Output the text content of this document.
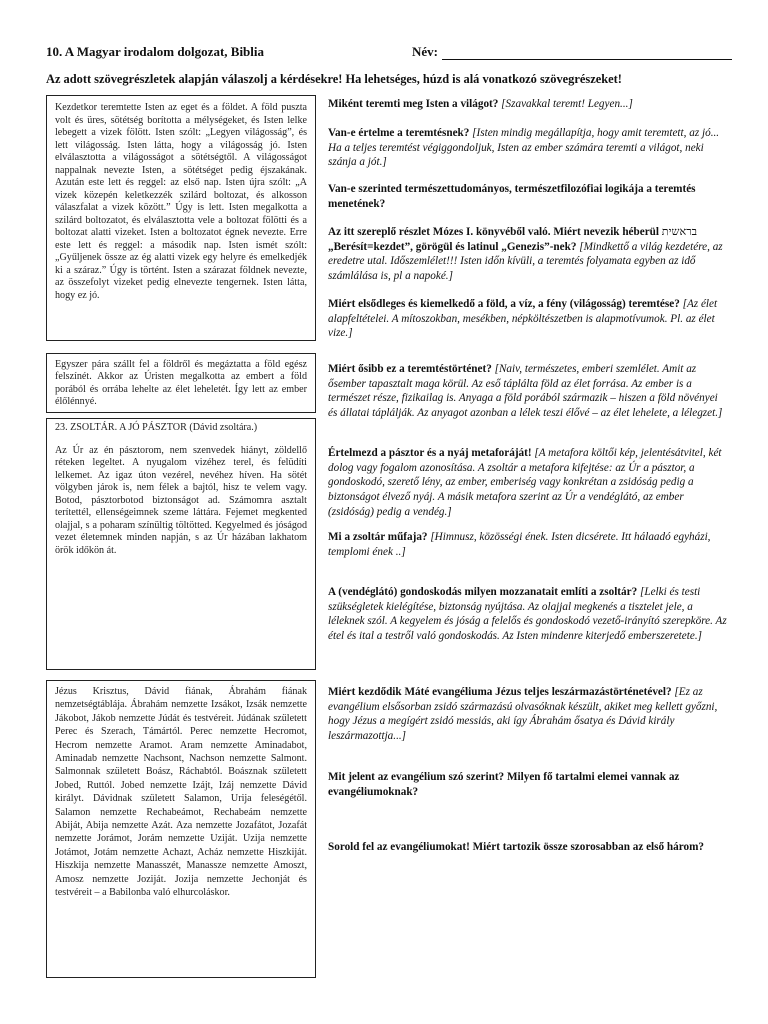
10. A Magyar irodalom dolgozat, Biblia	Név:
Az adott szövegrészletek alapján válaszolj a kérdésekre! Ha lehetséges, húzd is alá vonatkozó szövegrészeket!

Kezdetkor teremtette Isten az eget és a földet. A föld puszta volt és üres, sötétség borította a mélységeket, és Isten lelke lebegett a vizek fölött. Isten szólt: „Legyen világosság”, és lett világosság. Isten látta, hogy a világosság jó. Isten elválasztotta a világosságot a sötétségtől. A világosságot nappalnak nevezte Isten, a sötétséget pedig éjszakának. Azután este lett és reggel: az első nap. Isten újra szólt: „A vizek közepén keletkezzék szilárd boltozat, és alkosson válaszfalat a vizek között.” Úgy is lett. Isten megalkotta a szilárd boltozatot, és elválasztotta vele a boltozat fölötti és a boltozat alatti vizeket. Isten a boltozatot égnek nevezte. Erre este lett és reggel: a második nap. Isten ismét szólt: „Gyűljenek össze az ég alatti vizek egy helyre és emelkedjék ki a száraz.” Úgy is történt. Isten a szárazat földnek nevezte, az összefolyt vizeket pedig elnevezte tengernek. Isten látta, hogy ez jó.

Egyszer pára szállt fel a földről és megáztatta a föld egész felszínét. Akkor az Úristen megalkotta az embert a föld porából és orrába lehelte az élet leheletét. Így lett az ember élőlénnyé.

23. ZSOLTÁR. A JÓ PÁSZTOR (Dávid zsoltára.)

Az Úr az én pásztorom, nem szenvedek hiányt, zöldellő réteken legeltet. A nyugalom vizéhez terel, és felüdíti lelkemet. Az igaz úton vezérel, nevéhez híven. Ha sötét völgyben járok is, nem félek a bajtól, hisz te velem vagy. Botod, pásztorbotod biztonságot ad. Számomra asztalt terítettél, ellenségeimnek szeme láttára. Fejemet megkented olajjal, s a poharam színültig töltötted. Kegyelmed és jóságod vezet életemnek minden napján, s az Úr házában lakhatom örök időkön át.

Jézus Krisztus, Dávid fiának, Ábrahám fiának nemzetségtáblája. Ábrahám nemzette Izsákot, Izsák nemzette Jákobot, Jákob nemzette Júdát és testvéreit. Júdának született Perec és Szerach, Támártól. Perec nemzette Hecromot, Hecrom nemzette Aramot. Aram nemzette Aminadabot, Aminadab nemzette Nachsont, Nachson nemzette Salmont. Salmonnak született Boász, Ráchabtól. Boásznak született Jobed, Ruttól. Jobed nemzette Izájt, Izáj nemzette Dávid királyt. Dávidnak született Salamon, Urija feleségétől. Salamon nemzette Rechabeámot, Rechabeám nemzette Abiját, Abija nemzette Azát. Aza nemzette Jozafátot, Jozafát nemzette Jorámot, Jorám nemzette Uziját. Uzija nemzette Jotámot, Jotám nemzette Achazt, Acház nemzette Hiszkiját. Hiszkija nemzette Manasszét, Manassze nemzette Amoszt, Amosz nemzette Joziját. Jozija nemzette Jechonját és testvéreit – a Babilonba való elhurcoláskor.

Miként teremti meg Isten a világot? [Szavakkal teremt! Legyen...]
Van-e értelme a teremtésnek? [Isten mindig megállapítja, hogy amit teremtett, az jó... Ha a teljes teremtést végiggondoljuk, Isten az ember számára teremti a világot, neki szánja a jót.]
Van-e szerinted természettudományos, természetfilozófiai logikája a teremtés menetének?
Az itt szereplő részlet Mózes I. könyvéből való. Miért nevezik héberül בראשית „Berésít=kezdet”, görögül és latinul „Genezis”-nek? [Mindkettő a világ kezdetére, az eredetre utal. Időszemlélet!!! Isten időn kívüli, a teremtés folyamata egyben az idő számlálása is, pl a napoké.]
Miért elsődleges és kiemelkedő a föld, a víz, a fény (világosság) teremtése? [Az élet alapfeltételei. A mítoszokban, mesékben, népköltészetben is alapmotívumok. Pl. az élet vize.]
Miért ősibb ez a teremtéstörténet? [Naiv, természetes, emberi szemlélet. Amit az ősember tapasztalt maga körül. Az eső táplálta föld az élet forrása. Az ember is a természet része, fizikailag is. Anyaga a föld porából származik – hiszen a föld növényei és állatai táplálják. Az anyagot azonban a lélek teszi élővé – az élet lehelete, a lélegzet.]
Értelmezd a pásztor és a nyáj metaforáját! [A metafora költői kép, jelentésátvitel, két dolog vagy fogalom azonosítása. A zsoltár a metafora kifejtése: az Úr a pásztor, a gondoskodó, szerető lény, az ember, emberiség vagy konkrétan a zsidóság pedig a biztonságot élvező nyáj. A másik metafora szerint az Úr a vendéglátó, az ember (zsidóság) pedig a vendég.]
Mi a zsoltár műfaja? [Himnusz, közösségi ének. Isten dicsérete. Itt hálaadó egyházi, templomi ének ..]
A (vendéglátó) gondoskodás milyen mozzanatait említi a zsoltár? [Lelki és testi szükségletek kielégítése, biztonság nyújtása. Az olajjal megkenés a tisztelet jele, a léleknek szól. A kegyelem és jóság a felelős és gondoskodó vezető-irányító szerepköre. Az étel és ital a testről való gondoskodás. Az Isten mindenre kiterjedő emberszeretete.]
Miért kezdődik Máté evangéliuma Jézus teljes leszármazástörténetével? [Ez az evangélium elsősorban zsidó származású olvasóknak készült, akiket meg kellett győzni, hogy Jézus a megígért zsidó messiás, aki így Ábrahám ősatya és Dávid király leszármazottja...]
Mit jelent az evangélium szó szerint? Milyen fő tartalmi elemei vannak az evangéliumoknak?
Sorold fel az evangéliumokat! Miért tartozik össze szorosabban az első három?
